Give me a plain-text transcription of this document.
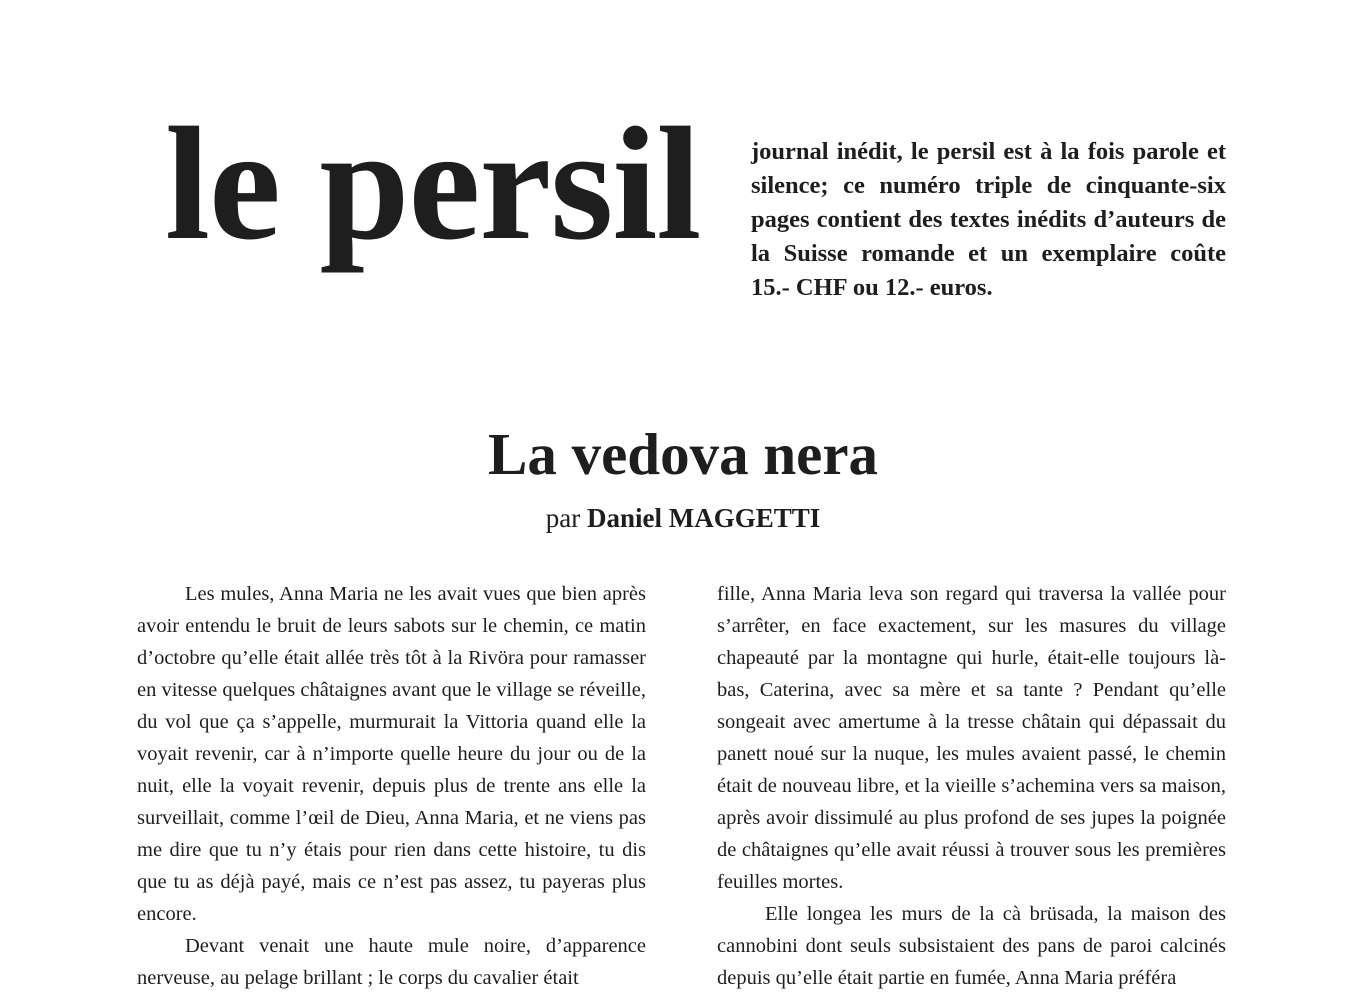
le persil journal inédit, le persil est à la fois parole et silence; ce numéro triple de cinquante-six pages contient des textes inédits d’auteurs de la Suisse romande et un exemplaire coûte 15.- CHF ou 12.- euros.

La vedova nera
par Daniel MAGGETTI

Les mules, Anna Maria ne les avait vues que bien après avoir entendu le bruit de leurs sabots sur le chemin, ce matin d’octobre qu’elle était allée très tôt à la Rivöra pour ramasser en vitesse quelques châtaignes avant que le village se réveille, du vol que ça s’appelle, murmurait la Vittoria quand elle la voyait revenir, car à n’importe quelle heure du jour ou de la nuit, elle la voyait revenir, depuis plus de trente ans elle la surveillait, comme l’œil de Dieu, Anna Maria, et ne viens pas me dire que tu n’y étais pour rien dans cette histoire, tu dis que tu as déjà payé, mais ce n’est pas assez, tu payeras plus encore.

Devant venait une haute mule noire, d’apparence nerveuse, au pelage brillant ; le corps du cavalier était

fille, Anna Maria leva son regard qui traversa la vallée pour s’arrêter, en face exactement, sur les masures du village chapeauté par la montagne qui hurle, était-elle toujours là-bas, Caterina, avec sa mère et sa tante ? Pendant qu’elle songeait avec amertume à la tresse châtain qui dépassait du panett noué sur la nuque, les mules avaient passé, le chemin était de nouveau libre, et la vieille s’achemina vers sa maison, après avoir dissimulé au plus profond de ses jupes la poignée de châtaignes qu’elle avait réussi à trouver sous les premières feuilles mortes.

Elle longea les murs de la cà brüsada, la maison des cannobini dont seuls subsistaient des pans de paroi calcinés depuis qu’elle était partie en fumée, Anna Maria préféra
